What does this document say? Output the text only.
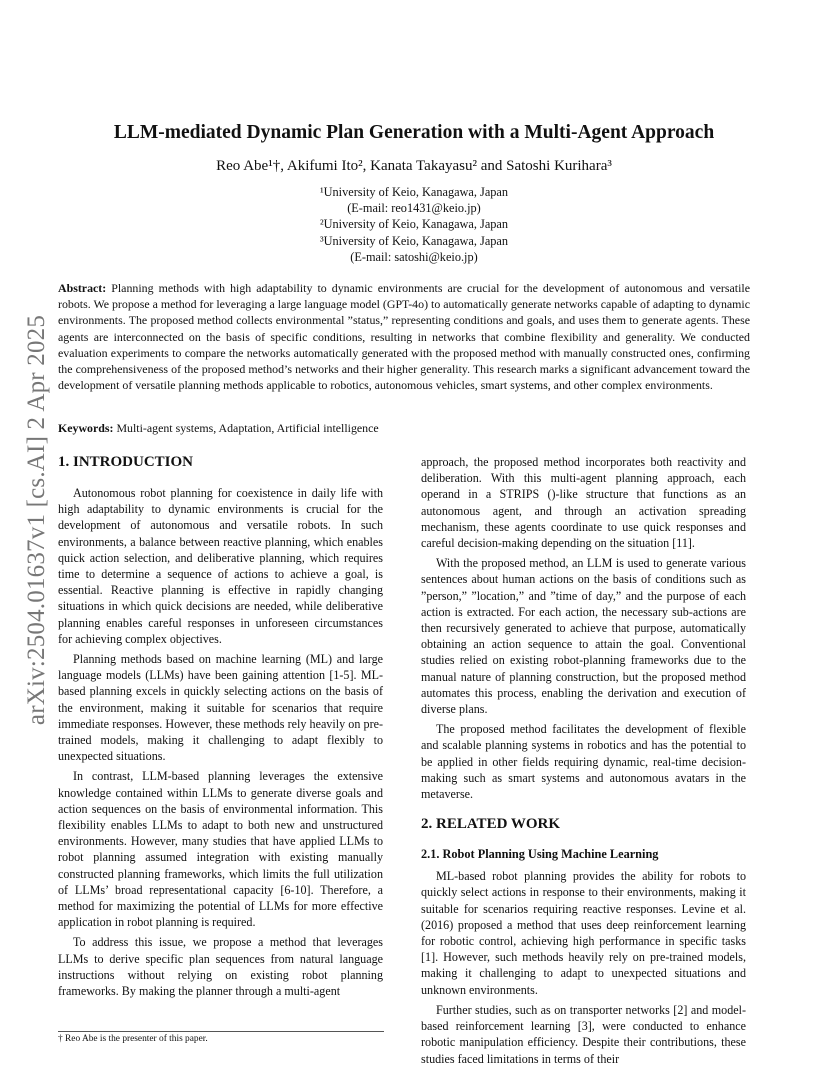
arXiv:2504.01637v1 [cs.AI] 2 Apr 2025
LLM-mediated Dynamic Plan Generation with a Multi-Agent Approach
Reo Abe¹†, Akifumi Ito², Kanata Takayasu² and Satoshi Kurihara³
¹University of Keio, Kanagawa, Japan
(E-mail: reo1431@keio.jp)
²University of Keio, Kanagawa, Japan
³University of Keio, Kanagawa, Japan
(E-mail: satoshi@keio.jp)

Abstract: Planning methods with high adaptability to dynamic environments are crucial for the development of autonomous and versatile robots. We propose a method for leveraging a large language model (GPT-4o) to automatically generate networks capable of adapting to dynamic environments. The proposed method collects environmental ”status,” representing conditions and goals, and uses them to generate agents. These agents are interconnected on the basis of specific conditions, resulting in networks that combine flexibility and generality. We conducted evaluation experiments to compare the networks automatically generated with the proposed method with manually constructed ones, confirming the comprehensiveness of the proposed method’s networks and their higher generality. This research marks a significant advancement toward the development of versatile planning methods applicable to robotics, autonomous vehicles, smart systems, and other complex environments.

Keywords: Multi-agent systems, Adaptation, Artificial intelligence

1. INTRODUCTION

Autonomous robot planning for coexistence in daily life with high adaptability to dynamic environments is crucial for the development of autonomous and versatile robots. In such environments, a balance between reactive planning, which enables quick action selection, and deliberative planning, which requires time to determine a sequence of actions to achieve a goal, is essential. Reactive planning is effective in rapidly changing situations in which quick decisions are needed, while deliberative planning enables careful responses in unforeseen circumstances for achieving complex objectives.

Planning methods based on machine learning (ML) and large language models (LLMs) have been gaining attention [1-5]. ML-based planning excels in quickly selecting actions on the basis of the environment, making it suitable for scenarios that require immediate responses. However, these methods rely heavily on pre-trained models, making it challenging to adapt flexibly to unexpected situations.

In contrast, LLM-based planning leverages the extensive knowledge contained within LLMs to generate diverse goals and action sequences on the basis of environmental information. This flexibility enables LLMs to adapt to both new and unstructured environments. However, many studies that have applied LLMs to robot planning assumed integration with existing manually constructed planning frameworks, which limits the full utilization of LLMs’ broad representational capacity [6-10]. Therefore, a method for maximizing the potential of LLMs for more effective application in robot planning is required.

To address this issue, we propose a method that leverages LLMs to derive specific plan sequences from natural language instructions without relying on existing robot planning frameworks. By making the planner through a multi-agent

approach, the proposed method incorporates both reactivity and deliberation. With this multi-agent planning approach, each operand in a STRIPS ()-like structure that functions as an autonomous agent, and through an activation spreading mechanism, these agents coordinate to use quick responses and careful decision-making depending on the situation [11].

With the proposed method, an LLM is used to generate various sentences about human actions on the basis of conditions such as ”person,” ”location,” and ”time of day,” and the purpose of each action is extracted. For each action, the necessary sub-actions are then recursively generated to achieve that purpose, automatically obtaining an action sequence to attain the goal. Conventional studies relied on existing robot-planning frameworks due to the manual nature of planning construction, but the proposed method automates this process, enabling the derivation and execution of diverse plans.

The proposed method facilitates the development of flexible and scalable planning systems in robotics and has the potential to be applied in other fields requiring dynamic, real-time decision-making such as smart systems and autonomous avatars in the metaverse.

2. RELATED WORK
2.1. Robot Planning Using Machine Learning

ML-based robot planning provides the ability for robots to quickly select actions in response to their environments, making it suitable for scenarios requiring reactive responses. Levine et al. (2016) proposed a method that uses deep reinforcement learning for robotic control, achieving high performance in specific tasks [1]. However, such methods heavily rely on pre-trained models, making it challenging to adapt to unexpected situations and unknown environments.

Further studies, such as on transporter networks [2] and model-based reinforcement learning [3], were conducted to enhance robotic manipulation efficiency. Despite their contributions, these studies faced limitations in terms of their

† Reo Abe is the presenter of this paper.
